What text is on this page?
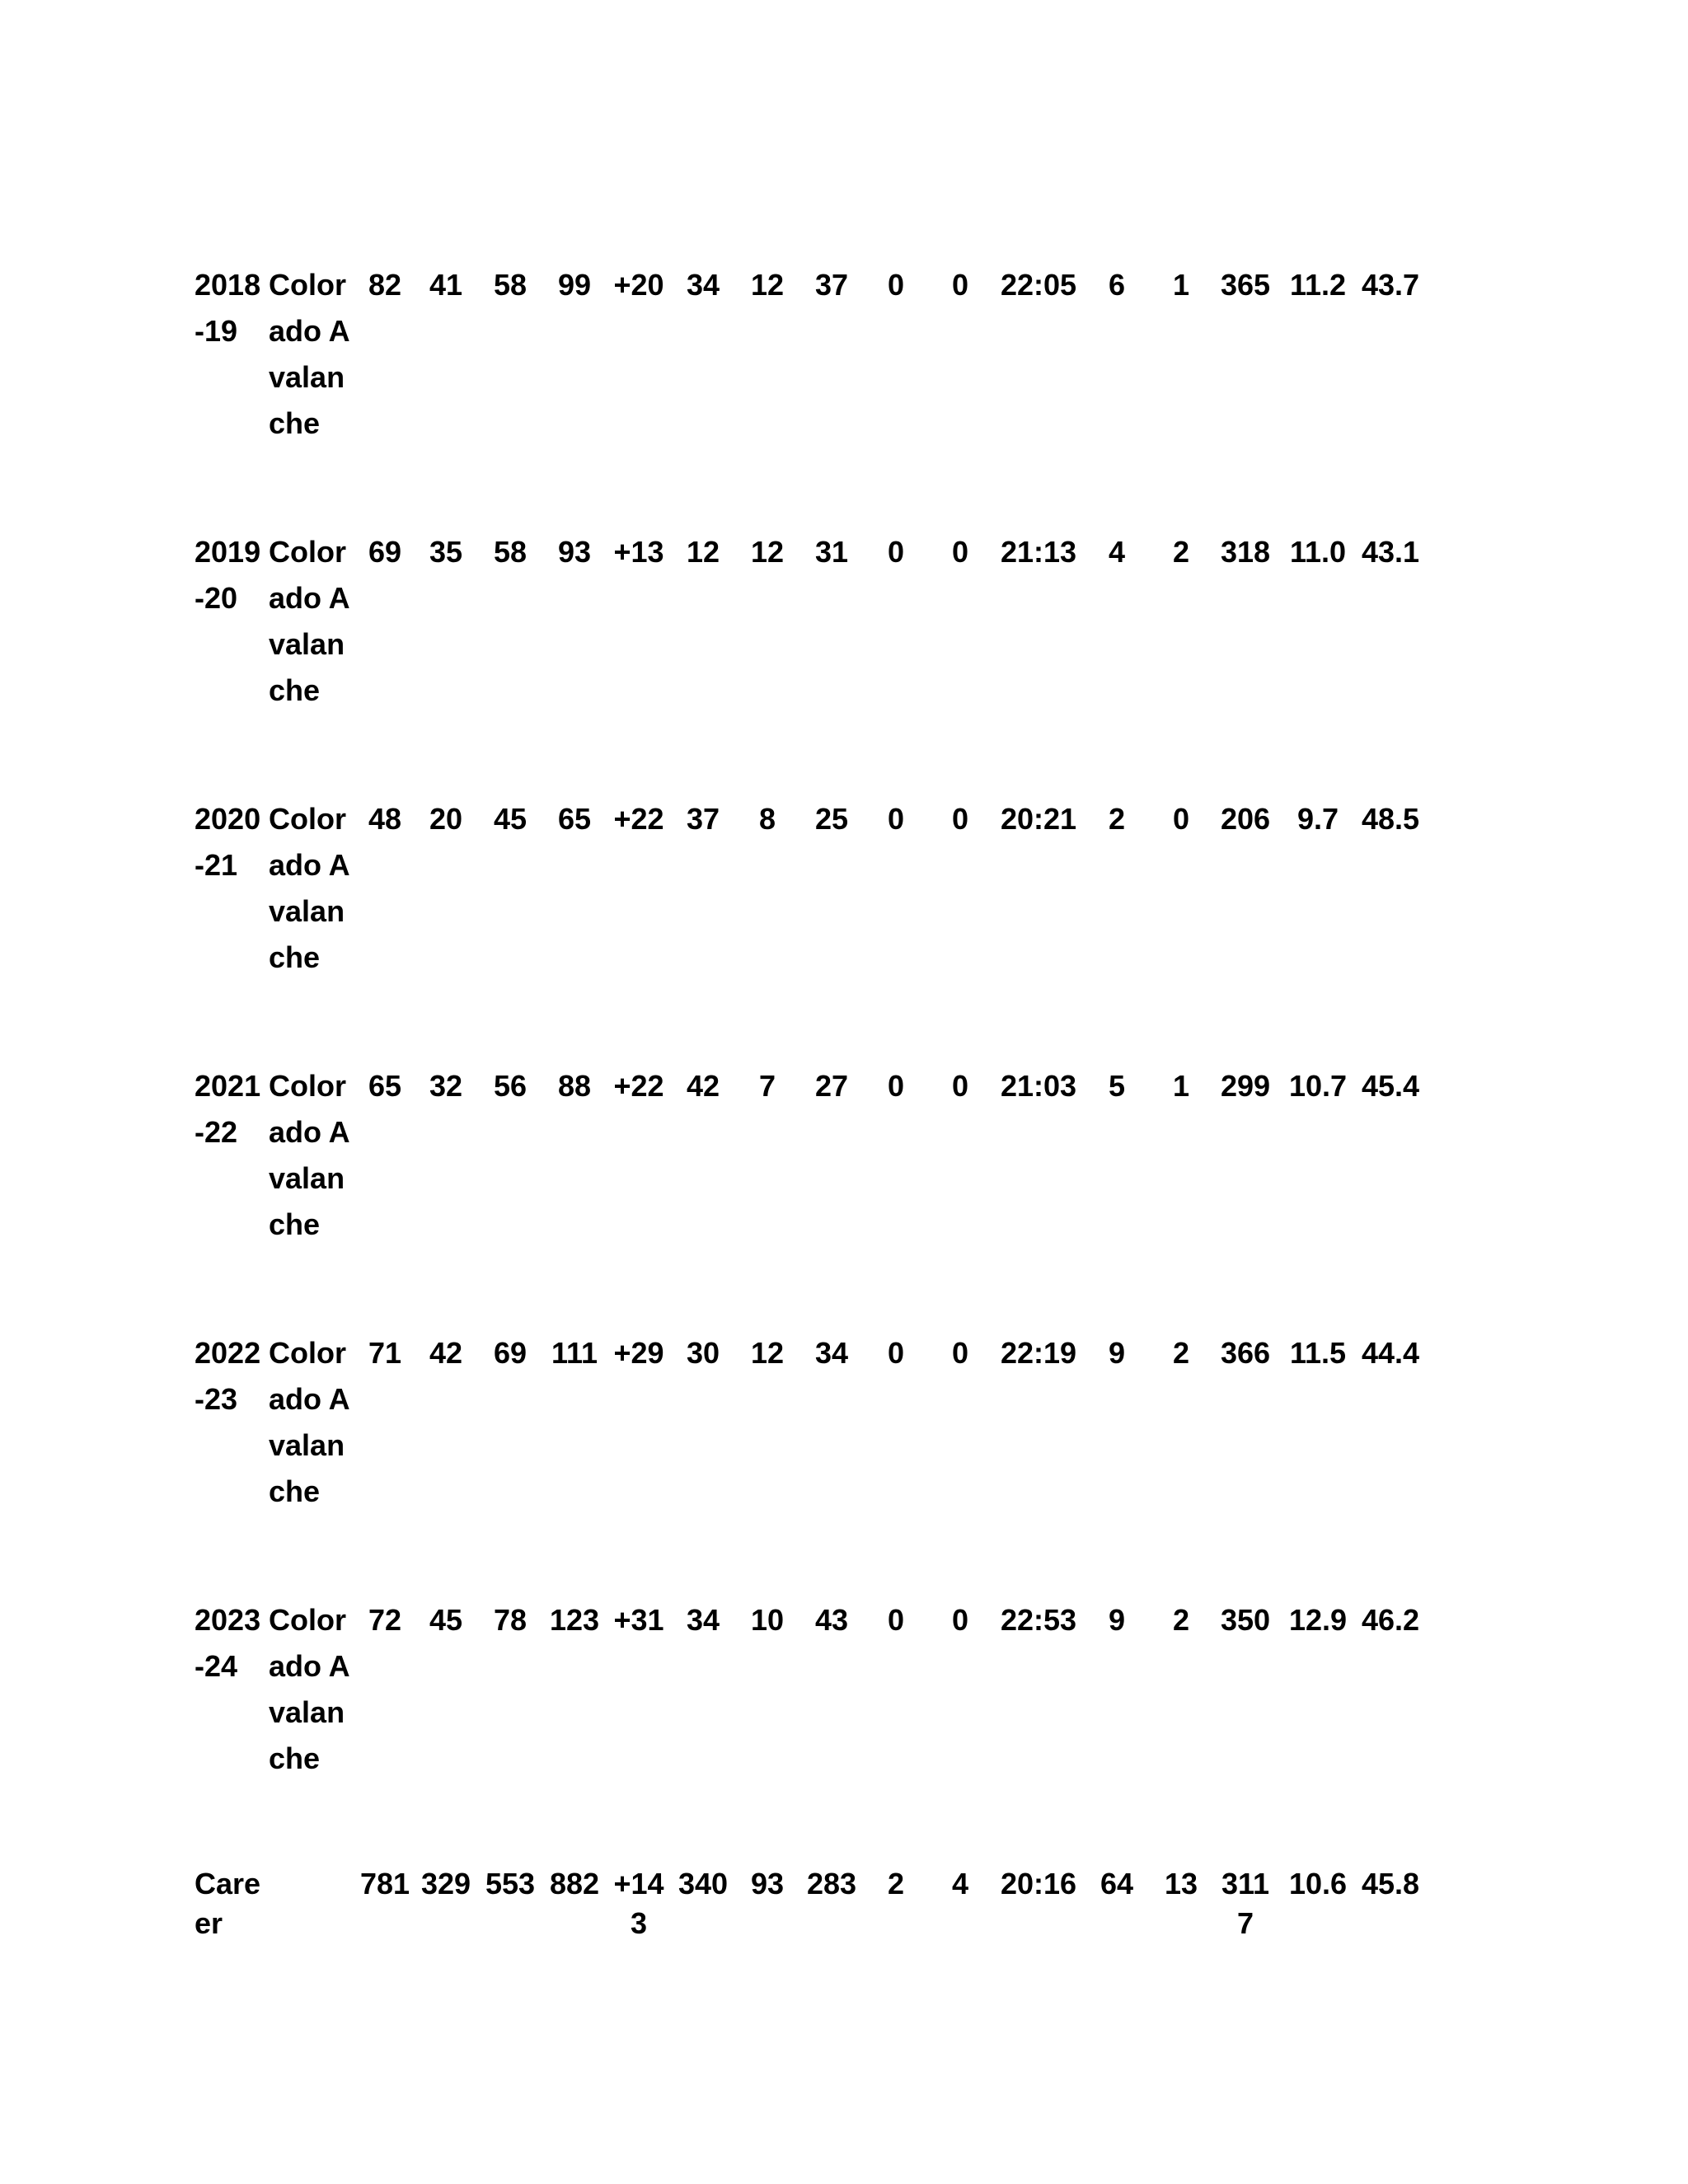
2018-19	Colorado Avalanche	82	41	58	99	+20	34	12	37	0	0	22:05	6	1	365	11.2	43.7
2019-20	Colorado Avalanche	69	35	58	93	+13	12	12	31	0	0	21:13	4	2	318	11.0	43.1
2020-21	Colorado Avalanche	48	20	45	65	+22	37	8	25	0	0	20:21	2	0	206	9.7	48.5
2021-22	Colorado Avalanche	65	32	56	88	+22	42	7	27	0	0	21:03	5	1	299	10.7	45.4
2022-23	Colorado Avalanche	71	42	69	111	+29	30	12	34	0	0	22:19	9	2	366	11.5	44.4
2023-24	Colorado Avalanche	72	45	78	123	+31	34	10	43	0	0	22:53	9	2	350	12.9	46.2
Career		781	329	553	882	+143	340	93	283	2	4	20:16	64	13	3117	10.6	45.8
